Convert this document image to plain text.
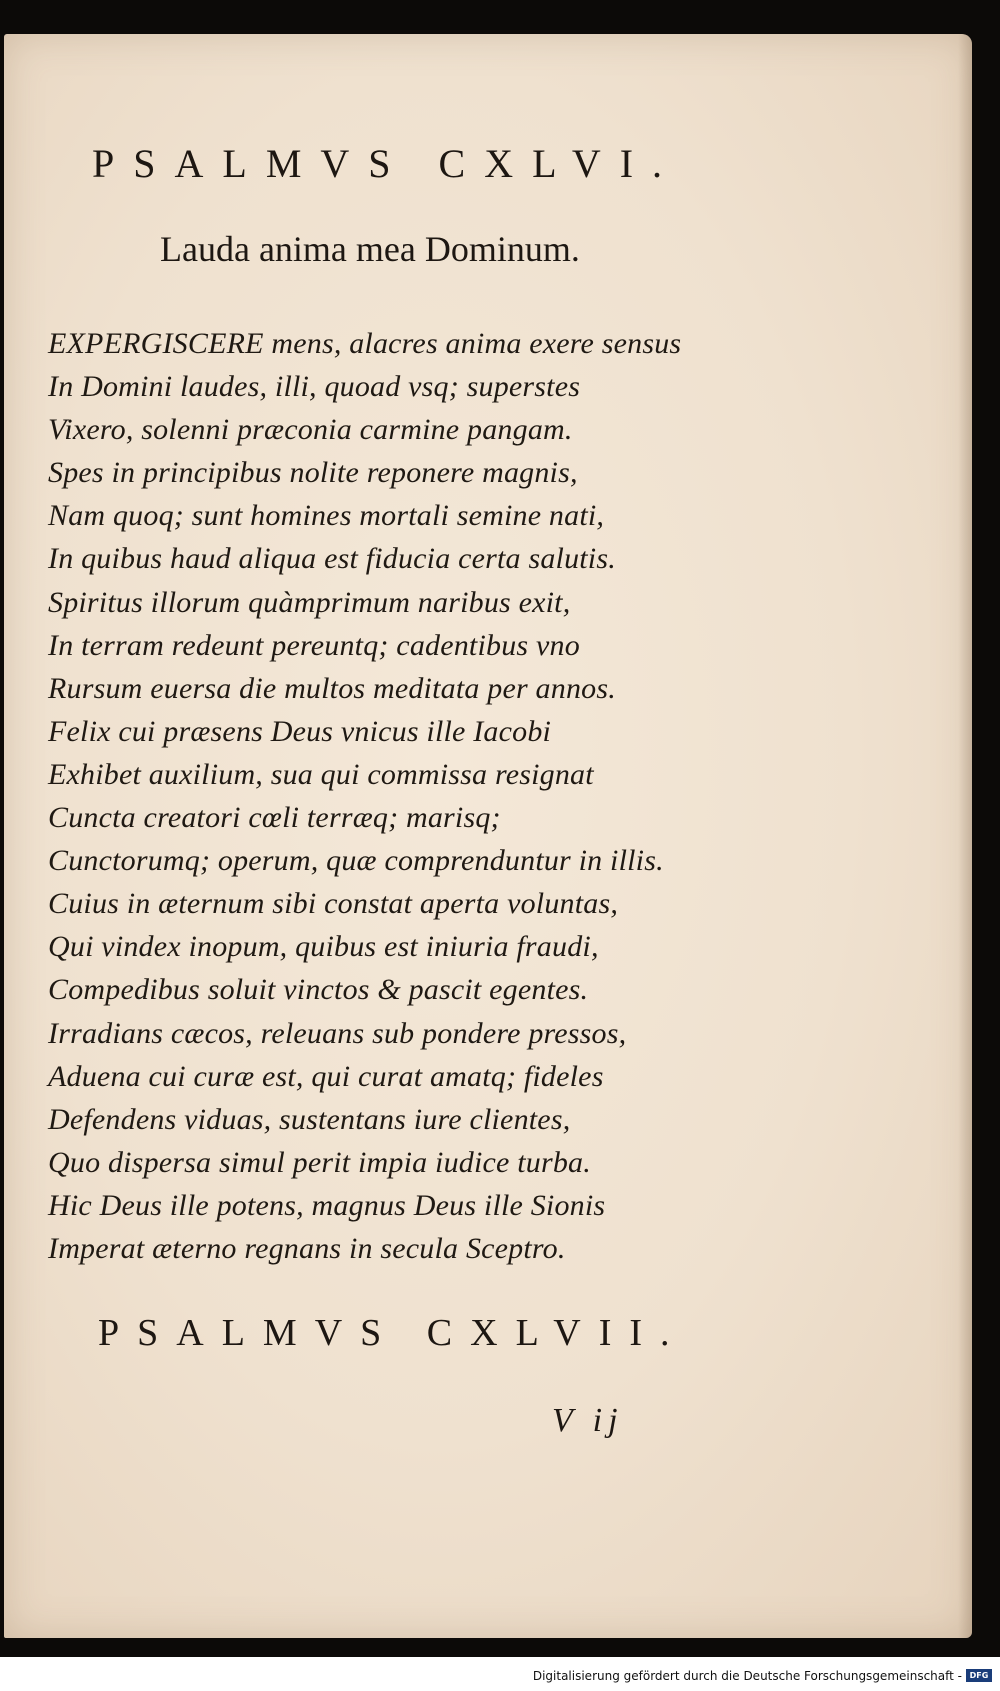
PSALMVS CXLVI.
Lauda anima mea Dominum.
EXPERGISCERE mens, alacres anima exere sensus
In Domini laudes, illi, quoad vsq; superstes
Vixero, solenni præconia carmine pangam.
Spes in principibus nolite reponere magnis,
Nam quoq; sunt homines mortali semine nati,
In quibus haud aliqua est fiducia certa salutis.
Spiritus illorum quàmprimum naribus exit,
In terram redeunt pereuntq; cadentibus vno
Rursum euersa die multos meditata per annos.
Felix cui præsens Deus vnicus ille Iacobi
Exhibet auxilium, sua qui commissa resignat
Cuncta creatori cœli terræq; marisq;
Cunctorumq; operum, quæ comprenduntur in illis.
Cuius in æternum sibi constat aperta voluntas,
Qui vindex inopum, quibus est iniuria fraudi,
Compedibus soluit vinctos & pascit egentes.
Irradians cæcos, releuans sub pondere pressos,
Aduena cui curæ est, qui curat amatq; fideles
Defendens viduas, sustentans iure clientes,
Quo dispersa simul perit impia iudice turba.
Hic Deus ille potens, magnus Deus ille Sionis
Imperat æterno regnans in secula Sceptro.
PSALMVS CXLVII.
V ij
Digitalisierung gefördert durch die Deutsche Forschungsgemeinschaft - DFG
